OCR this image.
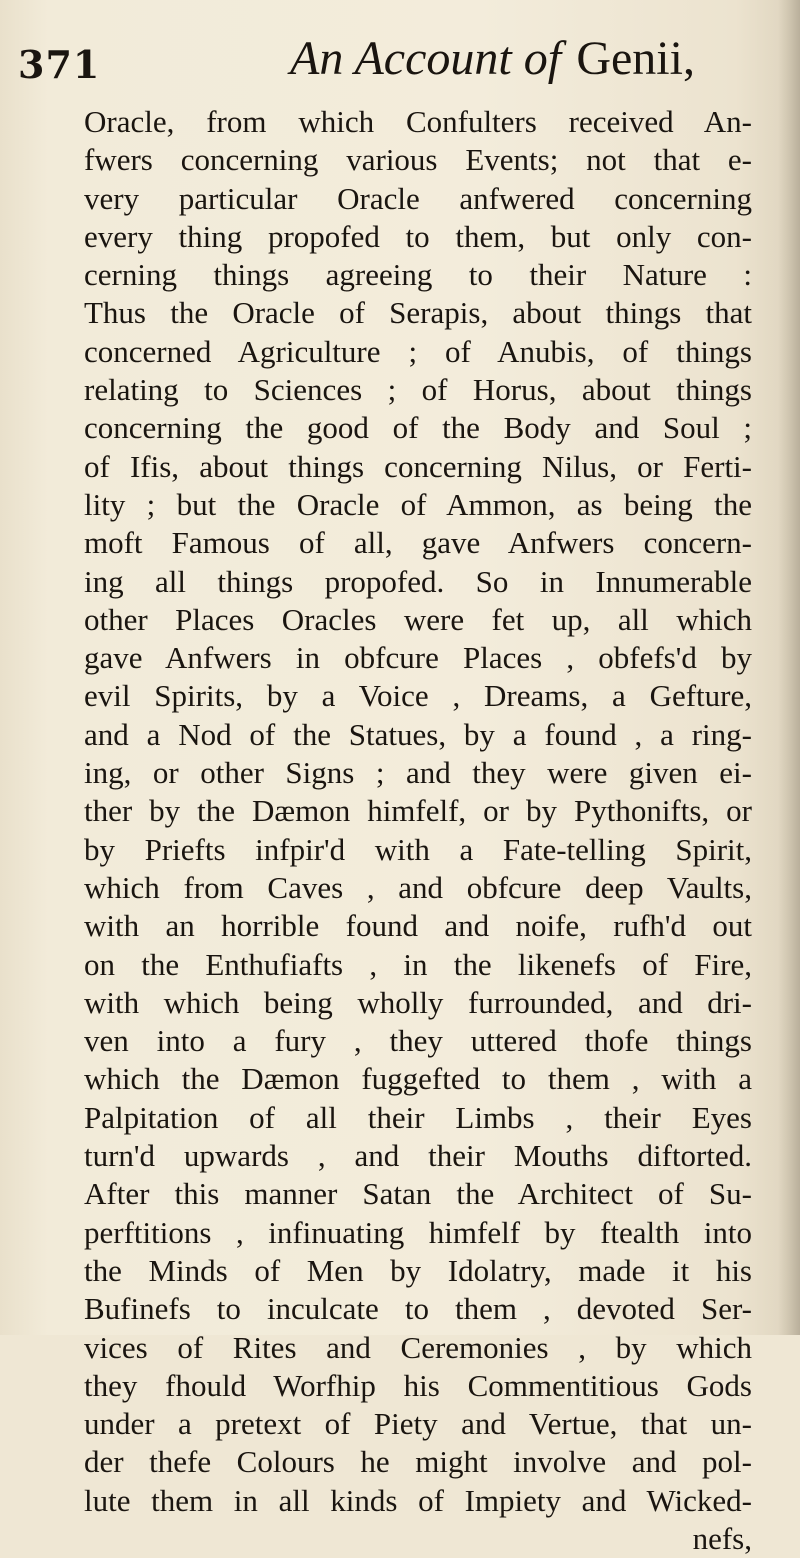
371	An Account of Genii,
Oracle, from which Confulters received An-
fwers concerning various Events; not that e-
very particular Oracle anfwered concerning
every thing propofed to them, but only con-
cerning things agreeing to their Nature :
Thus the Oracle of Serapis, about things that
concerned Agriculture ; of Anubis, of things
relating to Sciences ; of Horus, about things
concerning the good of the Body and Soul ;
of Ifis, about things concerning Nilus, or Ferti-
lity ; but the Oracle of Ammon, as being the
moft Famous of all, gave Anfwers concern-
ing all things propofed. So in Innumerable
other Places Oracles were fet up, all which
gave Anfwers in obfcure Places , obfefs'd by
evil Spirits, by a Voice , Dreams, a Gefture,
and a Nod of the Statues, by a found , a ring-
ing, or other Signs ; and they were given ei-
ther by the Dæmon himfelf, or by Pythonifts, or
by Priefts infpir'd with a Fate-telling Spirit,
which from Caves , and obfcure deep Vaults,
with an horrible found and noife, rufh'd out
on the Enthufiafts , in the likenefs of Fire,
with which being wholly furrounded, and dri-
ven into a fury , they uttered thofe things
which the Dæmon fuggefted to them , with a
Palpitation of all their Limbs , their Eyes
turn'd upwards , and their Mouths diftorted.
After this manner Satan the Architect of Su-
perftitions , infinuating himfelf by ftealth into
the Minds of Men by Idolatry, made it his
Bufinefs to inculcate to them , devoted Ser-
vices of Rites and Ceremonies , by which
they fhould Worfhip his Commentitious Gods
under a pretext of Piety and Vertue, that un-
der thefe Colours he might involve and pol-
lute them in all kinds of Impiety and Wicked-
nefs,
